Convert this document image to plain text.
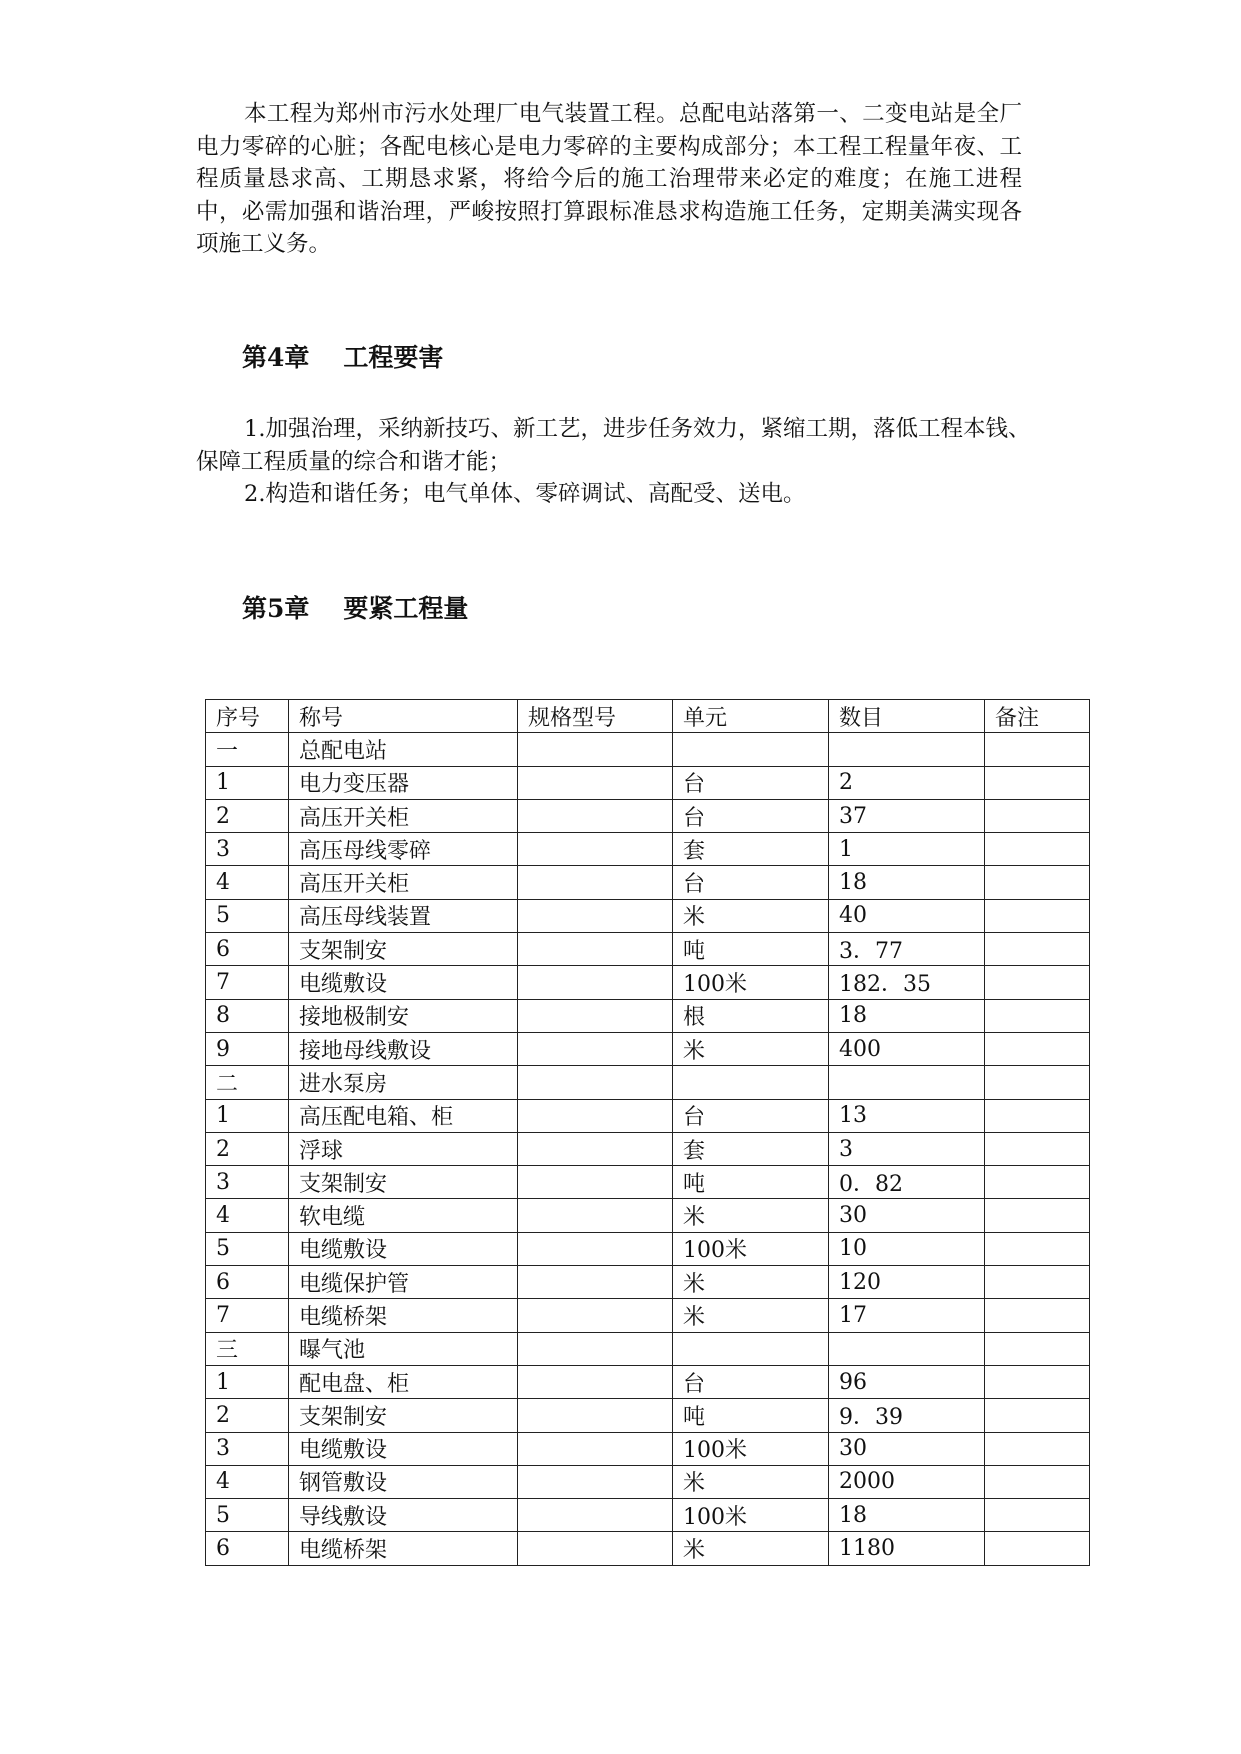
本工程为郑州市污水处理厂电气装置工程。总配电站落第一、二变电站是全厂电力零碎的心脏；各配电核心是电力零碎的主要构成部分；本工程工程量年夜、工程质量恳求高、工期恳求紧，将给今后的施工治理带来必定的难度；在施工进程中，必需加强和谐治理，严峻按照打算跟标准恳求构造施工任务，定期美满实现各项施工义务。

第4章 工程要害

1.加强治理，采纳新技巧、新工艺，进步任务效力，紧缩工期，落低工程本钱、保障工程质量的综合和谐才能；

2.构造和谐任务；电气单体、零碎调试、高配受、送电。

第5章 要紧工程量
序号	称号	规格型号	单元	数目	备注
一	总配电站				
1	电力变压器		台	2	
2	高压开关柜		台	37	
3	高压母线零碎		套	1	
4	高压开关柜		台	18	
5	高压母线装置		米	40	
6	支架制安		吨	3．77	
7	电缆敷设		100米	182．35	
8	接地极制安		根	18	
9	接地母线敷设		米	400	
二	进水泵房				
1	高压配电箱、柜		台	13	
2	浮球		套	3	
3	支架制安		吨	0．82	
4	软电缆		米	30	
5	电缆敷设		100米	10	
6	电缆保护管		米	120	
7	电缆桥架		米	17	
三	曝气池				
1	配电盘、柜		台	96	
2	支架制安		吨	9．39	
3	电缆敷设		100米	30	
4	钢管敷设		米	2000	
5	导线敷设		100米	18	
6	电缆桥架		米	1180	
